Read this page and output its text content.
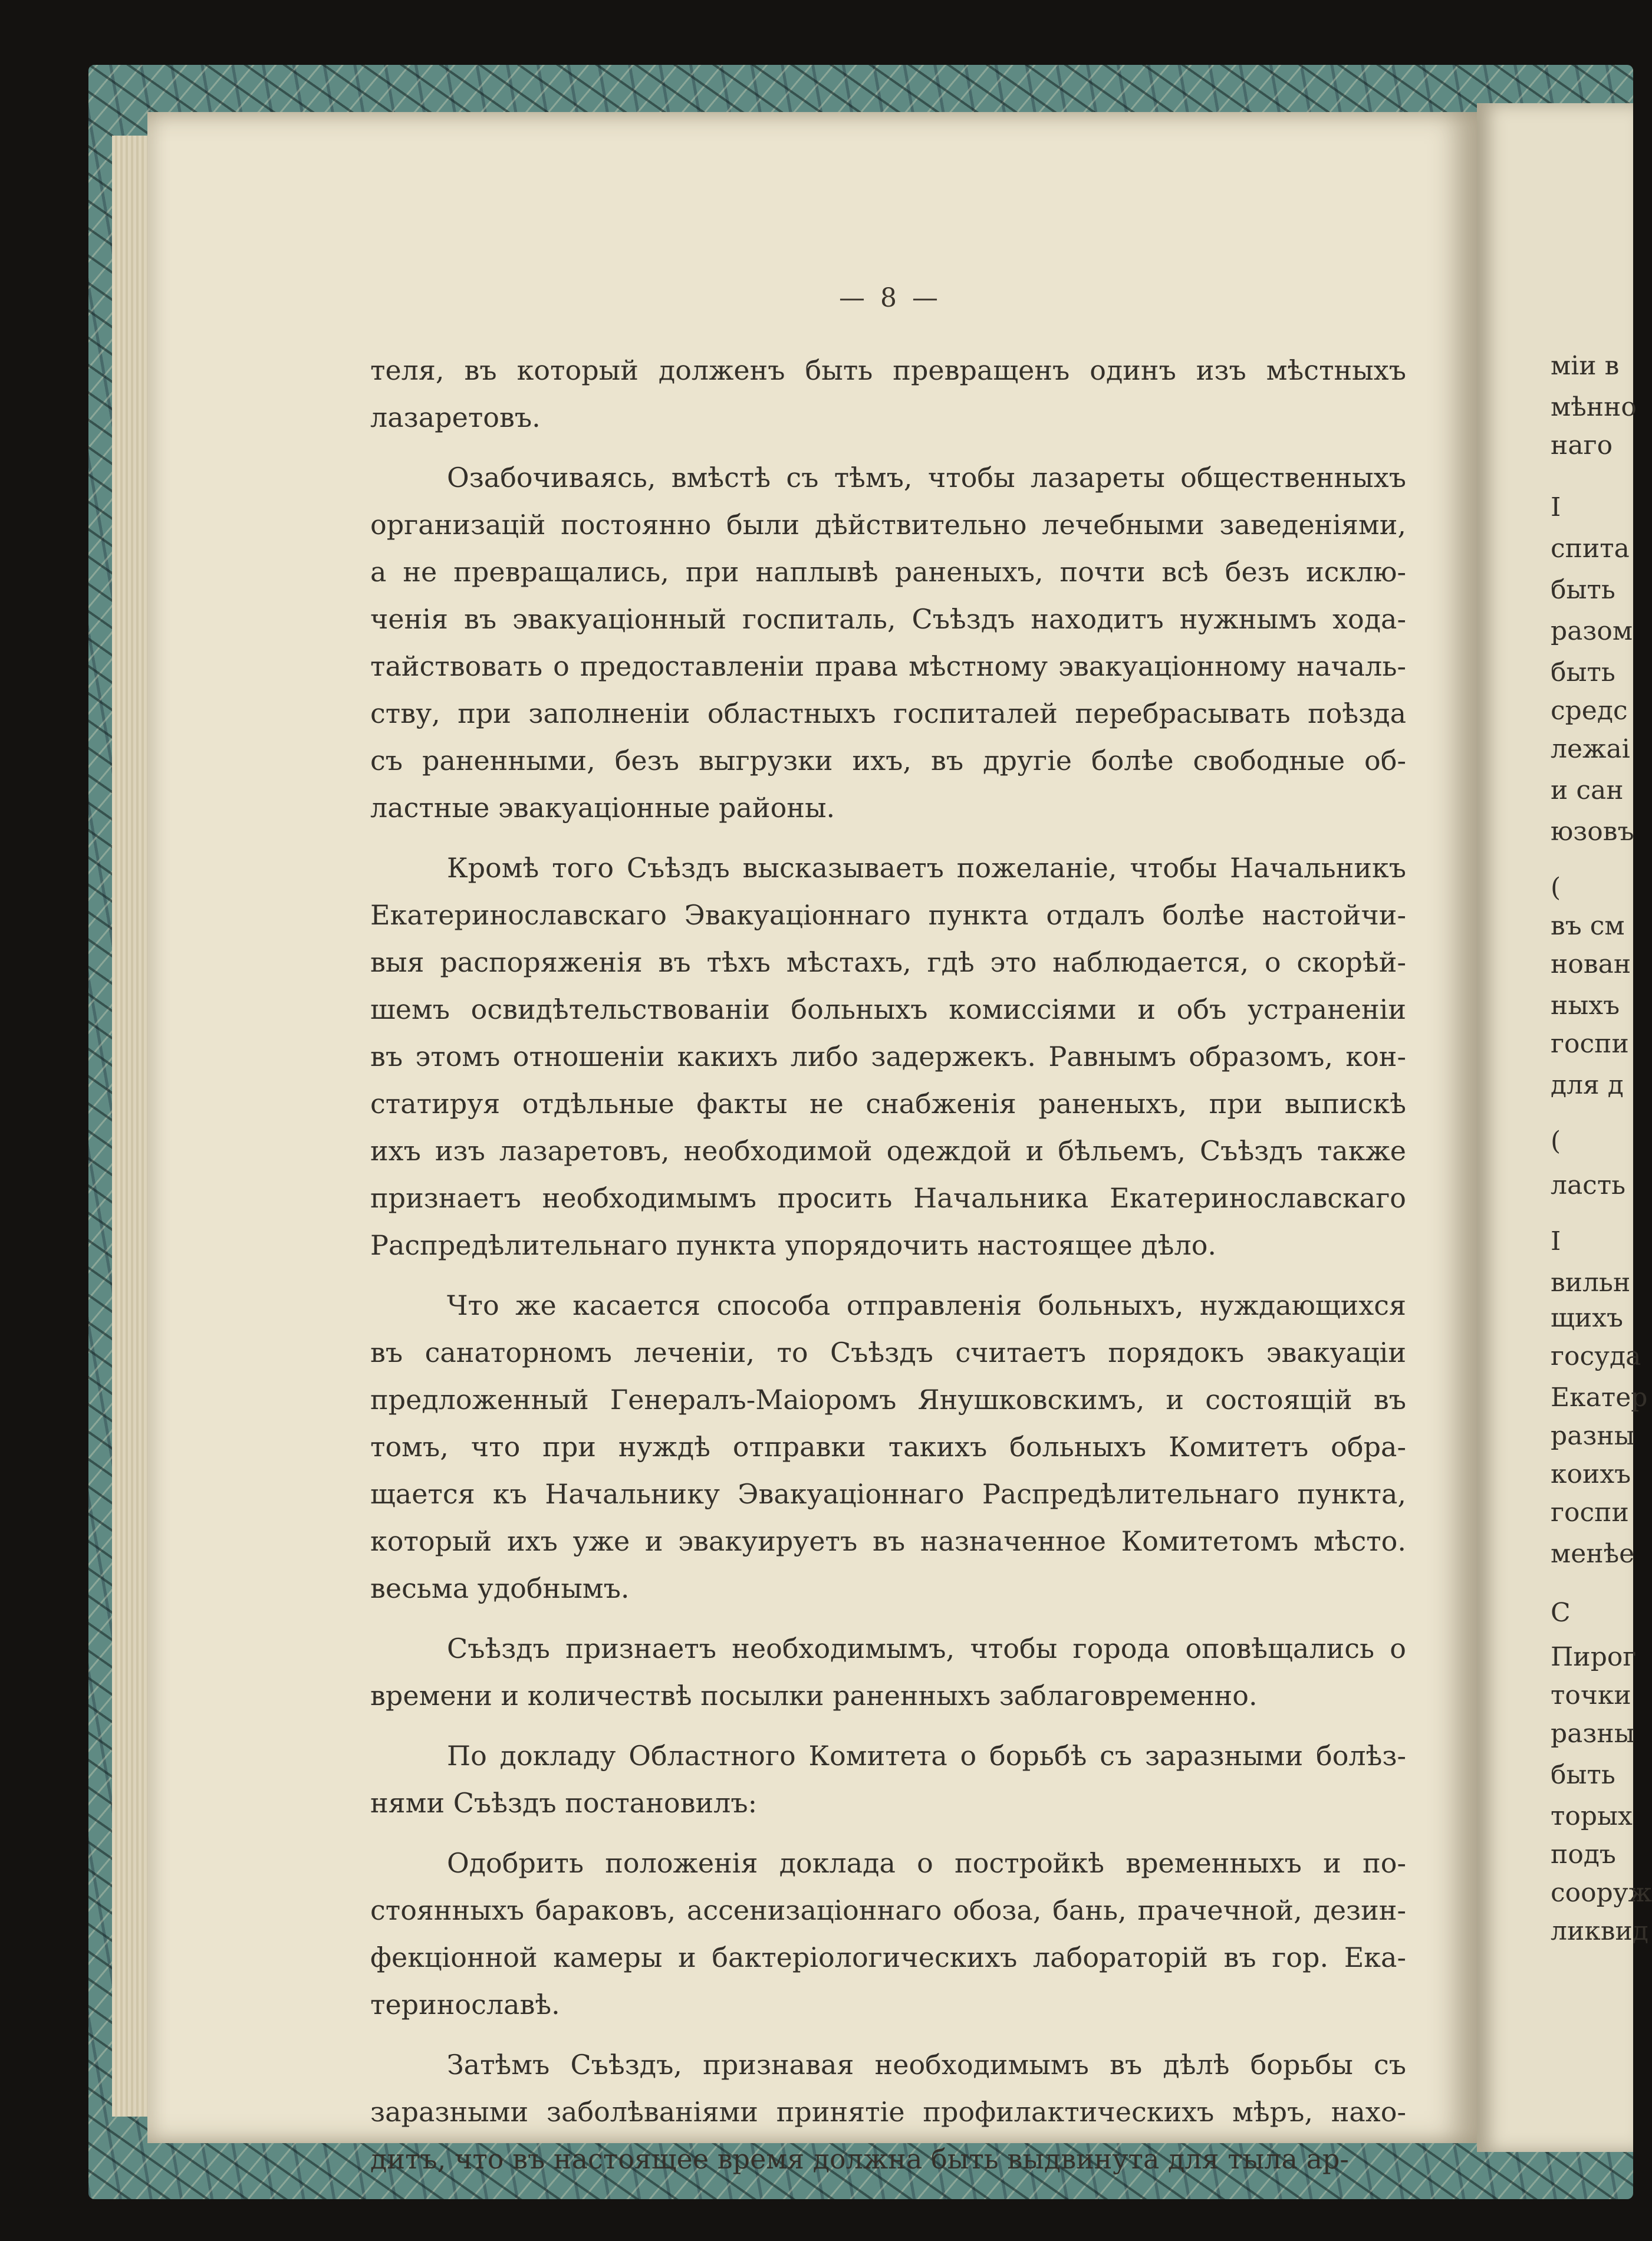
— 8 —
теля, въ который долженъ быть превращенъ одинъ изъ мѣстныхъ
лазаретовъ.
Озабочиваясь, вмѣстѣ съ тѣмъ, чтобы лазареты общественныхъ
организацій постоянно были дѣйствительно лечебными заведеніями,
а не превращались, при наплывѣ раненыхъ, почти всѣ безъ исклю-
ченія въ эвакуаціонный госпиталь, Съѣздъ находитъ нужнымъ хода-
тайствовать о предоставленіи права мѣстному эвакуаціонному началь-
ству, при заполненіи областныхъ госпиталей перебрасывать поѣзда
съ раненными, безъ выгрузки ихъ, въ другіе болѣе свободные об-
ластные эвакуаціонные районы.
Кромѣ того Съѣздъ высказываетъ пожеланіе, чтобы Начальникъ
Екатеринославскаго Эвакуаціоннаго пункта отдалъ болѣе настойчи-
выя распоряженія въ тѣхъ мѣстахъ, гдѣ это наблюдается, о скорѣй-
шемъ освидѣтельствованіи больныхъ комиссіями и объ устраненіи
въ этомъ отношеніи какихъ либо задержекъ. Равнымъ образомъ, кон-
статируя отдѣльные факты не снабженія раненыхъ, при выпискѣ
ихъ изъ лазаретовъ, необходимой одеждой и бѣльемъ, Съѣздъ также
признаетъ необходимымъ просить Начальника Екатеринославскаго
Распредѣлительнаго пункта упорядочить настоящее дѣло.
Что же касается способа отправленія больныхъ, нуждающихся
въ санаторномъ леченіи, то Съѣздъ считаетъ порядокъ эвакуаціи
предложенный Генералъ-Маіоромъ Янушковскимъ, и состоящій въ
томъ, что при нуждѣ отправки такихъ больныхъ Комитетъ обра-
щается къ Начальнику Эвакуаціоннаго Распредѣлительнаго пункта,
который ихъ уже и эвакуируетъ въ назначенное Комитетомъ мѣсто.
весьма удобнымъ.
Съѣздъ признаетъ необходимымъ, чтобы города оповѣщались о
времени и количествѣ посылки раненныхъ заблаговременно.
По докладу Областного Комитета о борьбѣ съ заразными болѣз-
нями Съѣздъ постановилъ:
Одобрить положенія доклада о постройкѣ временныхъ и по-
стоянныхъ бараковъ, ассенизаціоннаго обоза, бань, прачечной, дезин-
фекціонной камеры и бактеріологическихъ лабораторій въ гор. Ека-
теринославѣ.
Затѣмъ Съѣздъ, признавая необходимымъ въ дѣлѣ борьбы съ
заразными заболѣваніями принятіе профилактическихъ мѣръ, нахо-
дитъ, что въ настоящее время должна быть выдвинута для тыла ар-
міи в
мѣнно
наго
I
спита
быть
разом
быть
средс
лежаі
и сан
юзовъ
(
въ см
нован
ныхъ
госпи
для д
(
ласть
I
вильн
щихъ
госуда
Екатер
разны
коихъ
госпи
менѣе
С
Пирог
точки
разны
быть
торых
подъ
сооруж
ликвид
